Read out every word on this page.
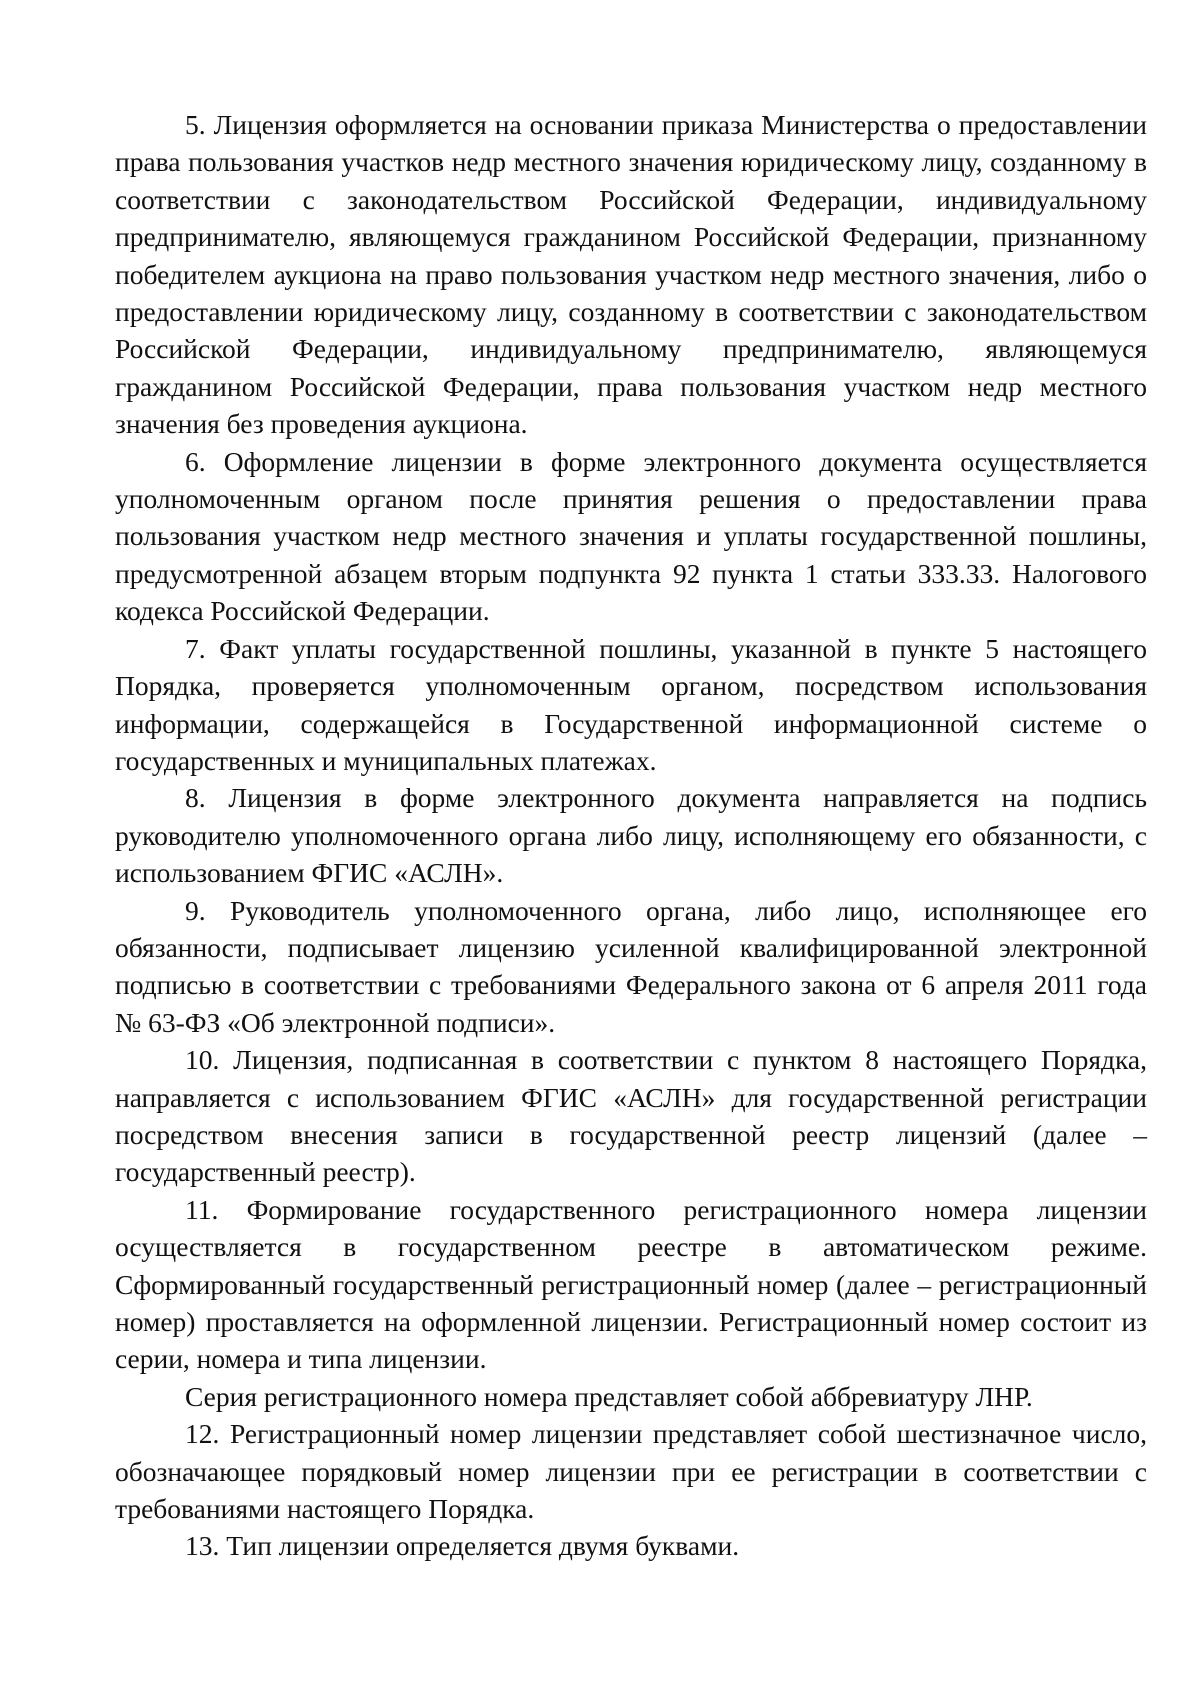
5. Лицензия оформляется на основании приказа Министерства о предоставлении права пользования участков недр местного значения юридическому лицу, созданному в соответствии с законодательством Российской Федерации, индивидуальному предпринимателю, являющемуся гражданином Российской Федерации, признанному победителем аукциона на право пользования участком недр местного значения, либо о предоставлении юридическому лицу, созданному в соответствии с законодательством Российской Федерации, индивидуальному предпринимателю, являющемуся гражданином Российской Федерации, права пользования участком недр местного значения без проведения аукциона.

6. Оформление лицензии в форме электронного документа осуществляется уполномоченным органом после принятия решения о предоставлении права пользования участком недр местного значения и уплаты государственной пошлины, предусмотренной абзацем вторым подпункта 92 пункта 1 статьи 333.33. Налогового кодекса Российской Федерации.

7. Факт уплаты государственной пошлины, указанной в пункте 5 настоящего Порядка, проверяется уполномоченным органом, посредством использования информации, содержащейся в Государственной информационной системе о государственных и муниципальных платежах.

8. Лицензия в форме электронного документа направляется на подпись руководителю уполномоченного органа либо лицу, исполняющему его обязанности, с использованием ФГИС «АСЛН».

9. Руководитель уполномоченного органа, либо лицо, исполняющее его обязанности, подписывает лицензию усиленной квалифицированной электронной подписью в соответствии с требованиями Федерального закона от 6 апреля 2011 года № 63-ФЗ «Об электронной подписи».

10. Лицензия, подписанная в соответствии с пунктом 8 настоящего Порядка, направляется с использованием ФГИС «АСЛН» для государственной регистрации посредством внесения записи в государственной реестр лицензий (далее – государственный реестр).

11. Формирование государственного регистрационного номера лицензии осуществляется в государственном реестре в автоматическом режиме. Сформированный государственный регистрационный номер (далее – регистрационный номер) проставляется на оформленной лицензии. Регистрационный номер состоит из серии, номера и типа лицензии.

Серия регистрационного номера представляет собой аббревиатуру ЛНР.

12. Регистрационный номер лицензии представляет собой шестизначное число, обозначающее порядковый номер лицензии при ее регистрации в соответствии с требованиями настоящего Порядка.

13. Тип лицензии определяется двумя буквами.
